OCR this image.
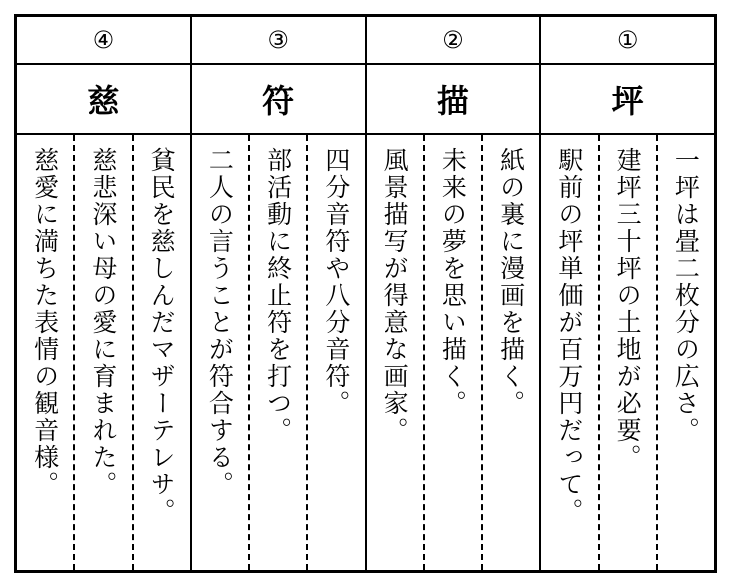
④
慈
貧民を慈しんだマザーテレサ。
慈悲深い母の愛に育まれた。
慈愛に満ちた表情の観音様。
③
符
四分音符や八分音符。
部活動に終止符を打つ。
二人の言うことが符合する。
②
描
紙の裏に漫画を描く。
未来の夢を思い描く。
風景描写が得意な画家。
①
坪
一坪は畳二枚分の広さ。
建坪三十坪の土地が必要。
駅前の坪単価が百万円だって。
